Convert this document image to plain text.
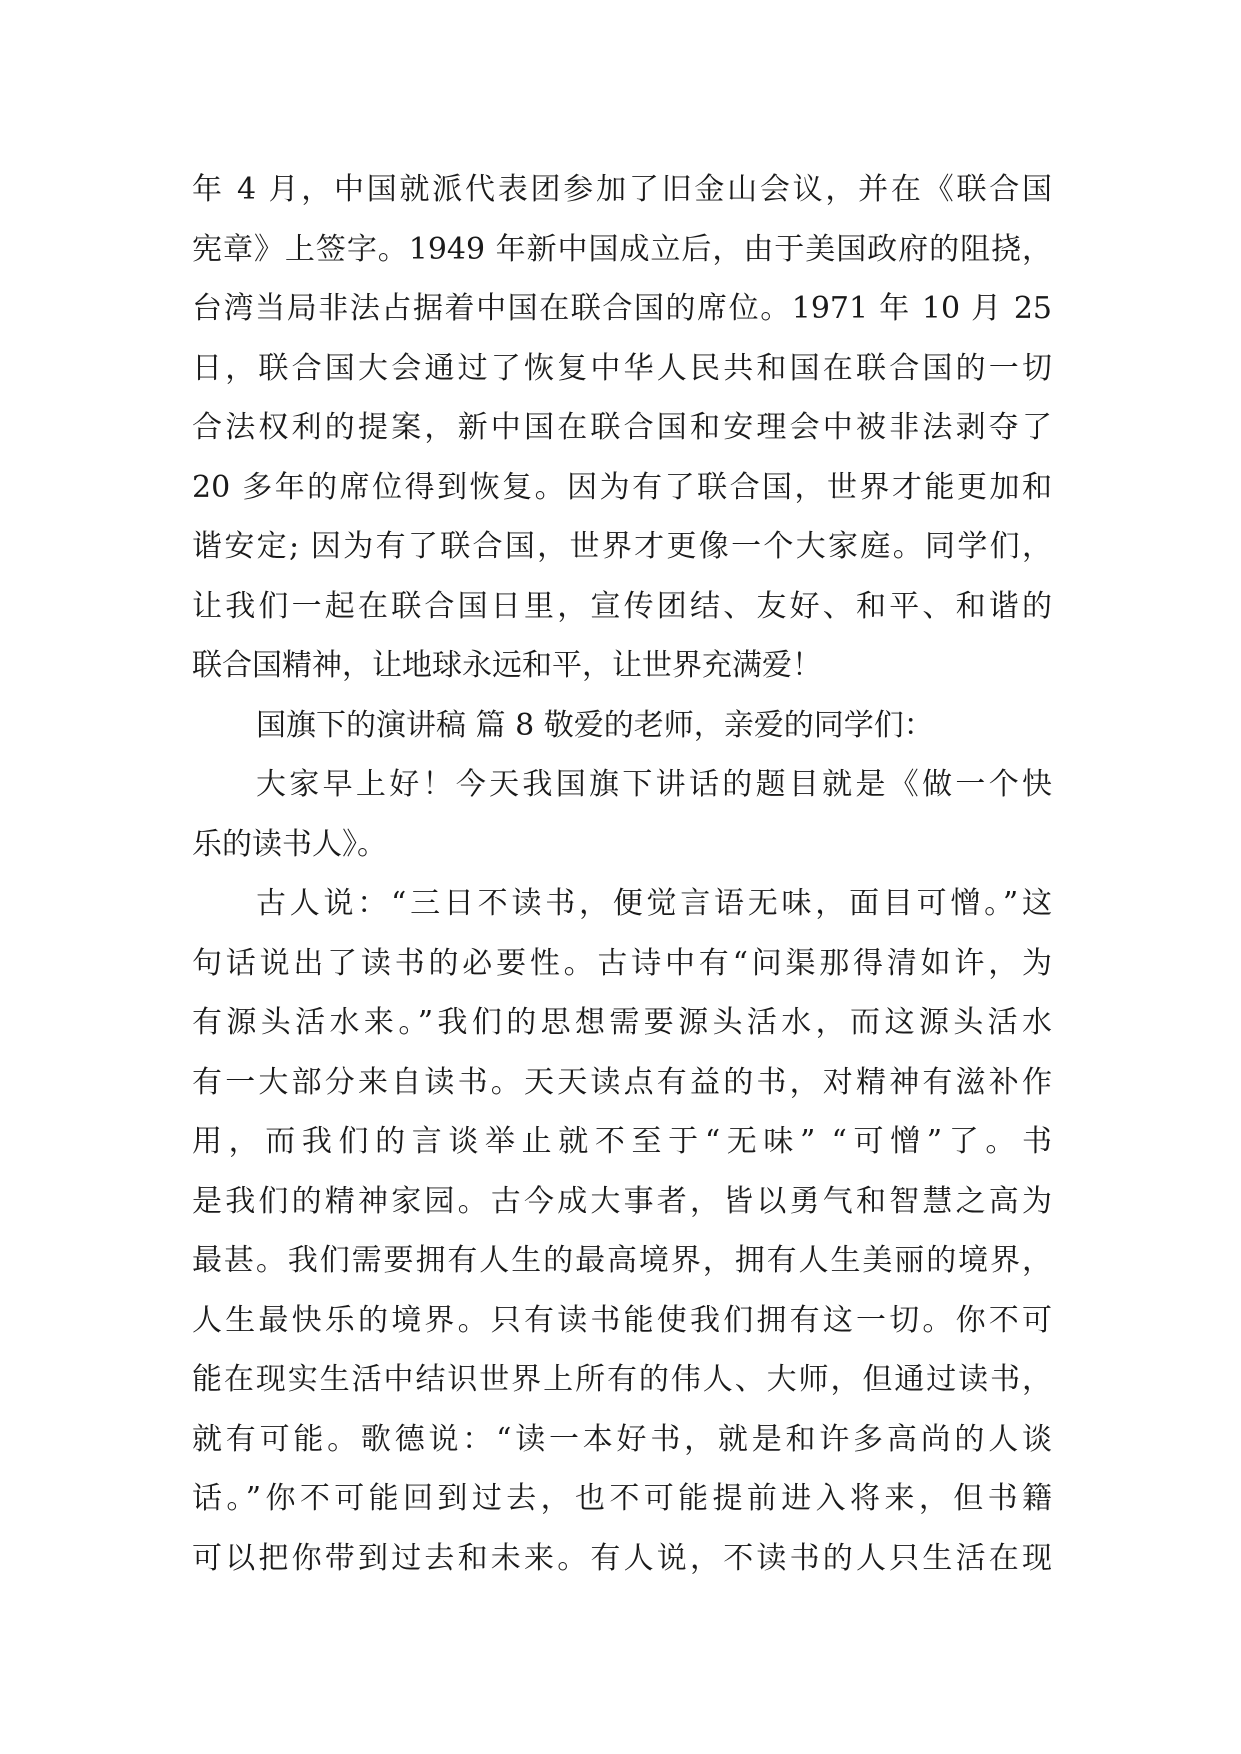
年 4 月，中国就派代表团参加了旧金山会议，并在《联合国
宪章》上签字。1949 年新中国成立后，由于美国政府的阻挠，
台湾当局非法占据着中国在联合国的席位。1971 年 10 月 25
日，联合国大会通过了恢复中华人民共和国在联合国的一切
合法权利的提案，新中国在联合国和安理会中被非法剥夺了
20 多年的席位得到恢复。因为有了联合国，世界才能更加和
谐安定; 因为有了联合国，世界才更像一个大家庭。同学们，
让我们一起在联合国日里，宣传团结、友好、和平、和谐的
联合国精神，让地球永远和平，让世界充满爱！
国旗下的演讲稿 篇 8 敬爱的老师，亲爱的同学们：
大家早上好！今天我国旗下讲话的题目就是《做一个快
乐的读书人》。
古人说：“三日不读书，便觉言语无味，面目可憎。”这
句话说出了读书的必要性。古诗中有“问渠那得清如许，为
有源头活水来。”我们的思想需要源头活水，而这源头活水
有一大部分来自读书。天天读点有益的书，对精神有滋补作
用，而我们的言谈举止就不至于“无味” “可憎”了。书
是我们的精神家园。古今成大事者，皆以勇气和智慧之高为
最甚。我们需要拥有人生的最高境界，拥有人生美丽的境界，
人生最快乐的境界。只有读书能使我们拥有这一切。你不可
能在现实生活中结识世界上所有的伟人、大师，但通过读书，
就有可能。歌德说：“读一本好书，就是和许多高尚的人谈
话。”你不可能回到过去，也不可能提前进入将来，但书籍
可以把你带到过去和未来。有人说，不读书的人只生活在现
